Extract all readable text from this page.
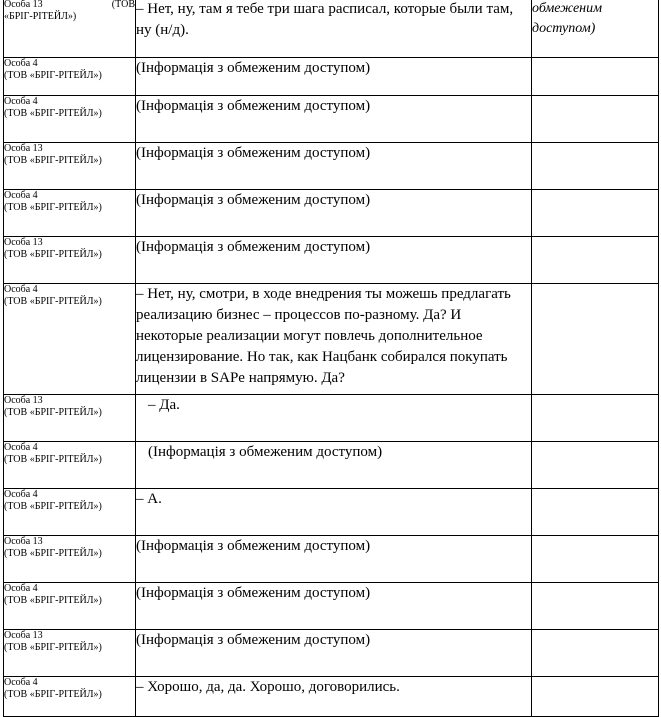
Особа 13 (ТОВ
«БРІГ-РІТЕЙЛ»)	– Нет, ну, там я тебе три шага расписал, которые были там, ну (н/д).	обмеженим доступом)

Особа 4
(ТОВ «БРІГ-РІТЕЙЛ»)	(Інформація з обмеженим доступом)	

Особа 4
(ТОВ «БРІГ-РІТЕЙЛ»)	(Інформація з обмеженим доступом)	

Особа 13
(ТОВ «БРІГ-РІТЕЙЛ»)	(Інформація з обмеженим доступом)	

Особа 4
(ТОВ «БРІГ-РІТЕЙЛ»)	(Інформація з обмеженим доступом)	

Особа 13
(ТОВ «БРІГ-РІТЕЙЛ»)	(Інформація з обмеженим доступом)	

Особа 4
(ТОВ «БРІГ-РІТЕЙЛ»)	– Нет, ну, смотри, в ходе внедрения ты можешь предлагать реализацию бизнес – процессов по-разному. Да? И некоторые реализации могут повлечь дополнительное лицензирование. Но так, как Нацбанк собирался покупать лицензии в SAPe напрямую. Да?	

Особа 13
(ТОВ «БРІГ-РІТЕЙЛ»)	– Да.	

Особа 4
(ТОВ «БРІГ-РІТЕЙЛ»)	(Інформація з обмеженим доступом)	

Особа 4
(ТОВ «БРІГ-РІТЕЙЛ»)	– А.	

Особа 13
(ТОВ «БРІГ-РІТЕЙЛ»)	(Інформація з обмеженим доступом)	

Особа 4
(ТОВ «БРІГ-РІТЕЙЛ»)	(Інформація з обмеженим доступом)	

Особа 13
(ТОВ «БРІГ-РІТЕЙЛ»)	(Інформація з обмеженим доступом)	

Особа 4
(ТОВ «БРІГ-РІТЕЙЛ»)	– Хорошо, да, да. Хорошо, договорились.	
